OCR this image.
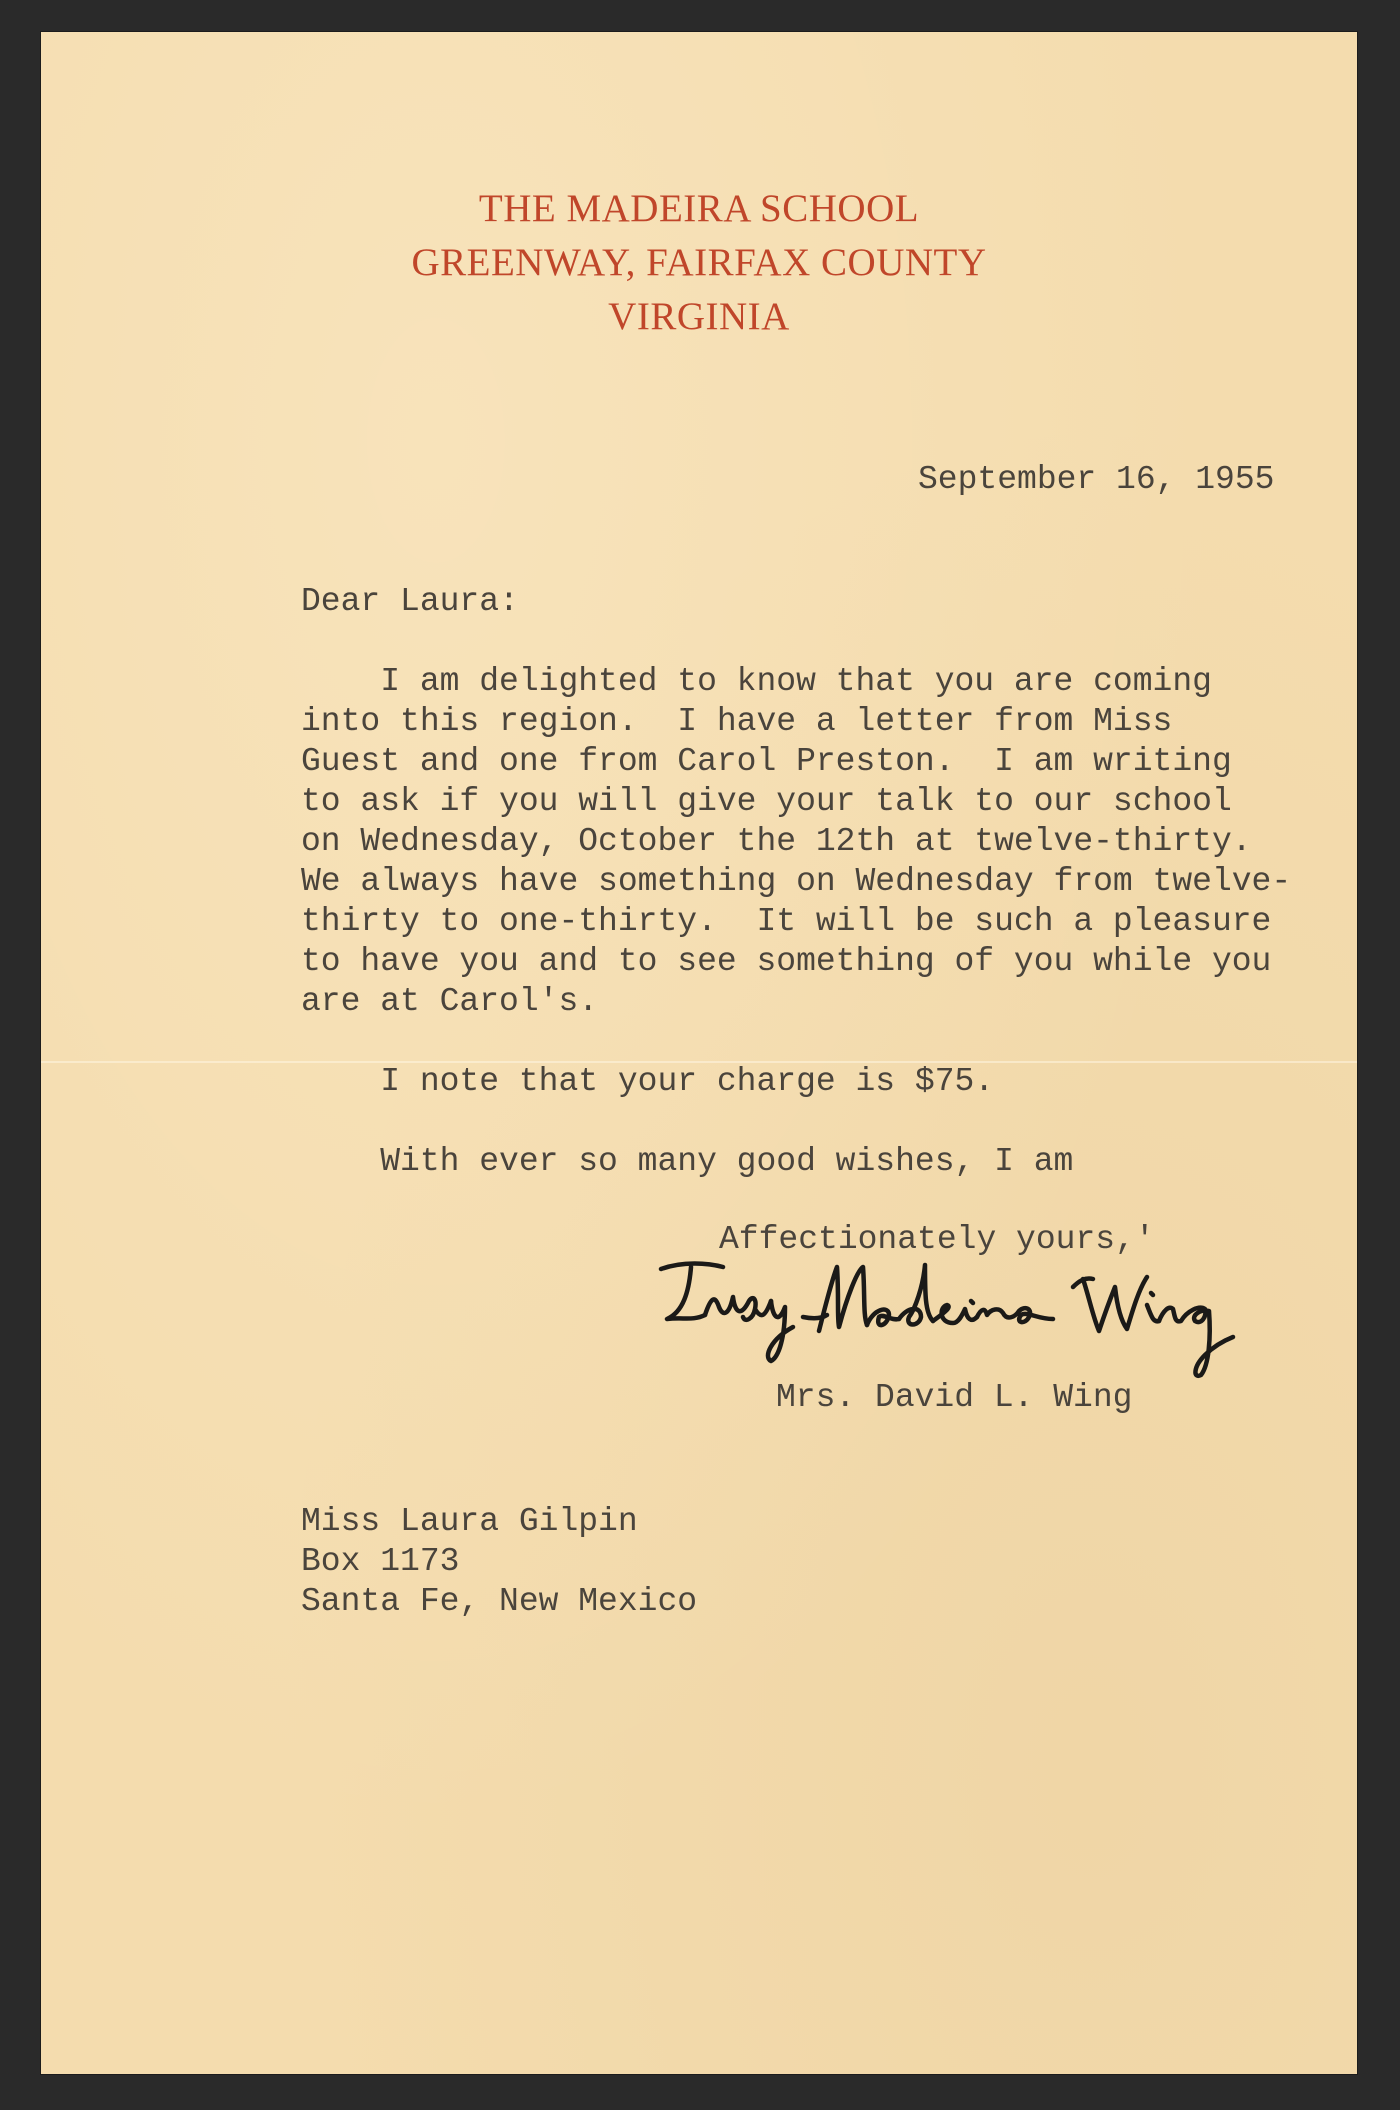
THE MADEIRA SCHOOL
GREENWAY, FAIRFAX COUNTY
VIRGINIA
September 16, 1955
Dear Laura:
I am delighted to know that you are coming
into this region.  I have a letter from Miss
Guest and one from Carol Preston.  I am writing
to ask if you will give your talk to our school
on Wednesday, October the 12th at twelve-thirty.
We always have something on Wednesday from twelve-
thirty to one-thirty.  It will be such a pleasure
to have you and to see something of you while you
are at Carol's.
I note that your charge is $75.
With ever so many good wishes, I am
Affectionately yours,'
Mrs. David L. Wing
Miss Laura Gilpin
Box 1173
Santa Fe, New Mexico
